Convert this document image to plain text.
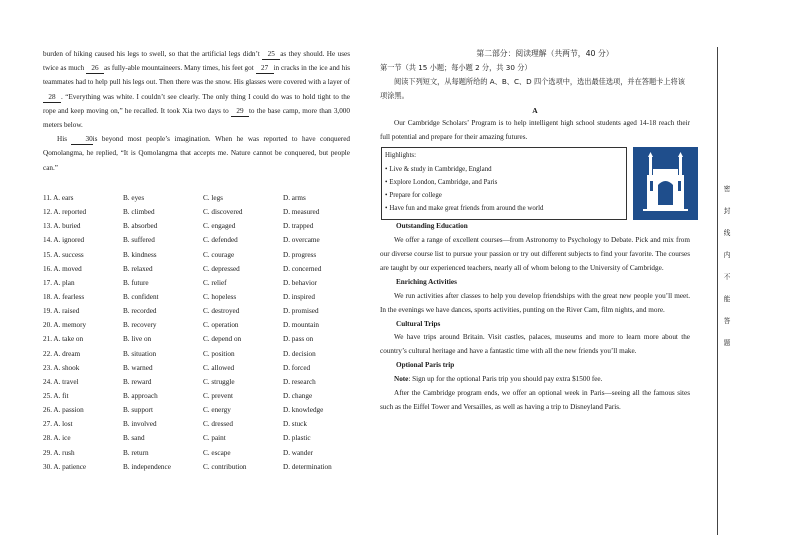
burden of hiking caused his legs to swell, so that the artificial legs didn’t 25 as they should. He uses twice as much 26 as fully-able mountaineers. Many times, his feet got 27 in cracks in the ice and his teammates had to help pull his legs out. Then there was the snow. His glasses were covered with a layer of 28 . “Everything was white. I couldn’t see clearly. The only thing I could do was to hold tight to the rope and keep moving on,” he recalled. It took Xia two days to 29 to the base camp, more than 3,000 meters below.

His 30is beyond most people’s imagination. When he was reported to have conquered Qomolangma, he replied, “It is Qomolangma that accepts me. Nature cannot be conquered, but people can.”

11. A. ears	B. eyes	C. legs	D. arms
12. A. reported	B. climbed	C. discovered	D. measured
13. A. buried	B. absorbed	C. engaged	D. trapped
14. A. ignored	B. suffered	C. defended	D. overcame
15. A. success	B. kindness	C. courage	D. progress
16. A. moved	B. relaxed	C. depressed	D. concerned
17. A. plan	B. future	C. relief	D. behavior
18. A. fearless	B. confident	C. hopeless	D. inspired
19. A. raised	B. recorded	C. destroyed	D. promised
20. A. memory	B. recovery	C. operation	D. mountain
21. A. take on	B. live on	C. depend on	D. pass on
22. A. dream	B. situation	C. position	D. decision
23. A. shook	B. warned	C. allowed	D. forced
24. A. travel	B. reward	C. struggle	D. research
25. A. fit	B. approach	C. prevent	D. change
26. A. passion	B. support	C. energy	D. knowledge
27. A. lost	B. involved	C. dressed	D. stuck
28. A. ice	B. sand	C. paint	D. plastic
29. A. rush	B. return	C. escape	D. wander
30. A. patience	B. independence	C. contribution	D. determination
第二部分：阅读理解（共两节，40 分）
第一节（共 15 小题；每小题 2 分，共 30 分）
阅读下列短文，从每题所给的 A、B、C、D 四个选项中，选出最佳选项，并在答题卡上将该项涂黑。
A
Our Cambridge Scholars’ Program is to help intelligent high school students aged 14-18 reach their full potential and prepare for their amazing futures.
Highlights:
• Live & study in Cambridge, England
• Explore London, Cambridge, and Paris
• Prepare for college
• Have fun and make great friends from around the world
Outstanding Education
We offer a range of excellent courses—from Astronomy to Psychology to Debate. Pick and mix from our diverse course list to pursue your passion or try out different subjects to find your favorite. The courses are taught by our experienced teachers, nearly all of whom belong to the University of Cambridge.
Enriching Activities
We run activities after classes to help you develop friendships with the great new people you’ll meet. In the evenings we have dances, sports activities, punting on the River Cam, film nights, and more.
Cultural Trips
We have trips around Britain. Visit castles, palaces, museums and more to learn more about the country’s cultural heritage and have a fantastic time with all the new friends you’ll make.
Optional Paris trip
Note: Sign up for the optional Paris trip you should pay extra $1500 fee.
After the Cambridge program ends, we offer an optional week in Paris—seeing all the famous sites such as the Eiffel Tower and Versailles, as well as having a trip to Disneyland Paris.
密
封
线
内
不
能
答
题
